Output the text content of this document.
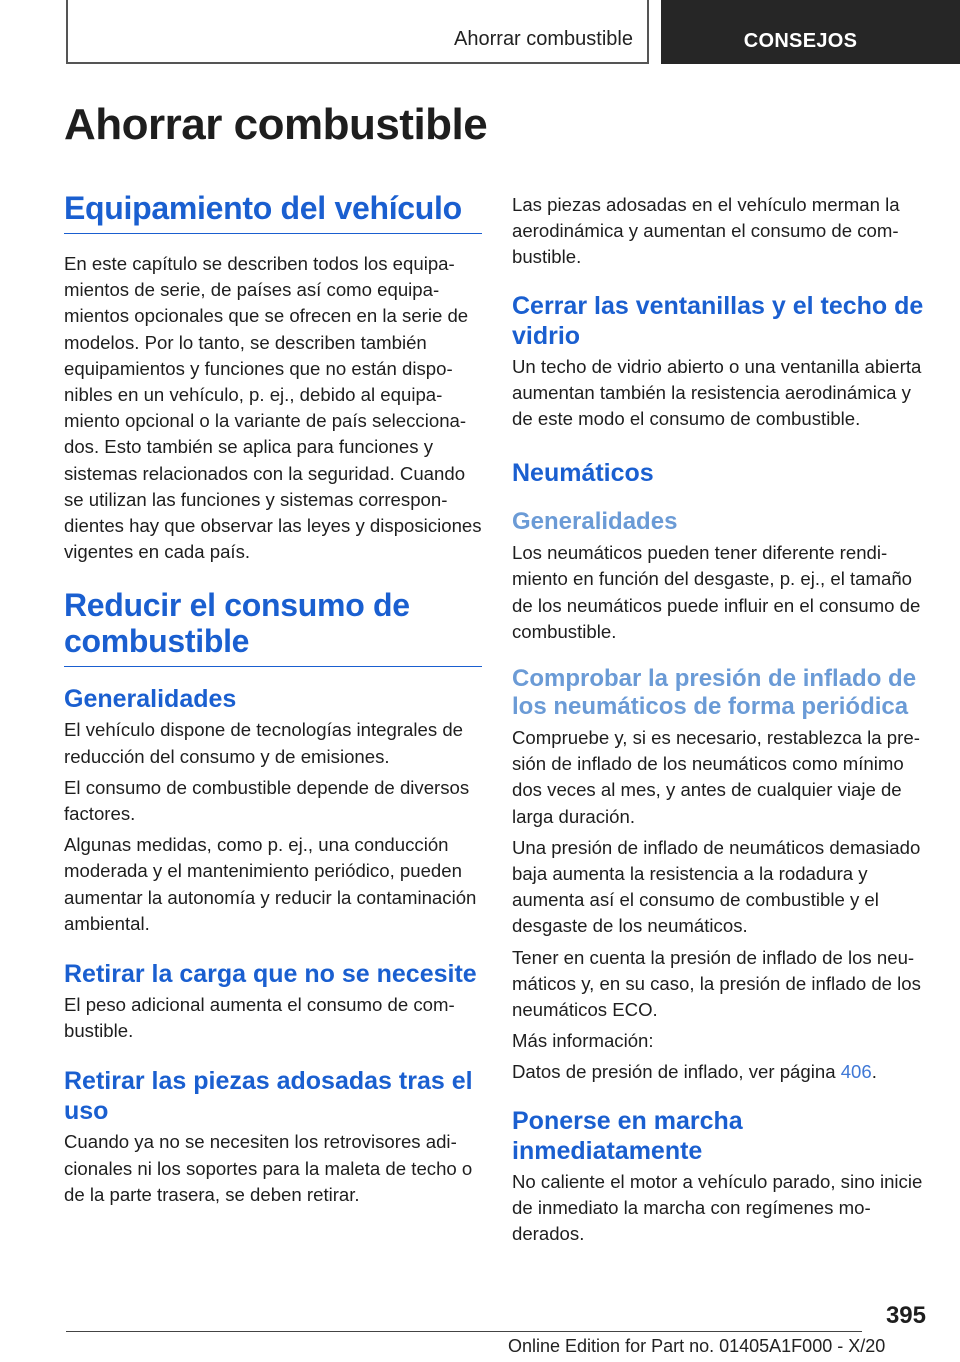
Ahorrar combustible	CONSEJOS
Ahorrar combustible
Equipamiento del vehículo

En este capítulo se describen todos los equipamientos de serie, de países así como equipamientos opcionales que se ofrecen en la serie de modelos. Por lo tanto, se describen también equipamientos y funciones que no están disponibles en un vehículo, p. ej., debido al equipamiento opcional o la variante de país seleccionados. Esto también se aplica para funciones y sistemas relacionados con la seguridad. Cuando se utilizan las funciones y sistemas correspondientes hay que observar las leyes y disposiciones vigentes en cada país.

Reducir el consumo de combustible
Generalidades

El vehículo dispone de tecnologías integrales de reducción del consumo y de emisiones.

El consumo de combustible depende de diversos factores.

Algunas medidas, como p. ej., una conducción moderada y el mantenimiento periódico, pueden aumentar la autonomía y reducir la contaminación ambiental.

Retirar la carga que no se necesite

El peso adicional aumenta el consumo de combustible.

Retirar las piezas adosadas tras el uso

Cuando ya no se necesiten los retrovisores adicionales ni los soportes para la maleta de techo o de la parte trasera, se deben retirar.

Las piezas adosadas en el vehículo merman la aerodinámica y aumentan el consumo de combustible.

Cerrar las ventanillas y el techo de vidrio

Un techo de vidrio abierto o una ventanilla abierta aumentan también la resistencia aerodinámica y de este modo el consumo de combustible.

Neumáticos
Generalidades

Los neumáticos pueden tener diferente rendimiento en función del desgaste, p. ej., el tamaño de los neumáticos puede influir en el consumo de combustible.

Comprobar la presión de inflado de los neumáticos de forma periódica

Compruebe y, si es necesario, restablezca la presión de inflado de los neumáticos como mínimo dos veces al mes, y antes de cualquier viaje de larga duración.

Una presión de inflado de neumáticos demasiado baja aumenta la resistencia a la rodadura y aumenta así el consumo de combustible y el desgaste de los neumáticos.

Tener en cuenta la presión de inflado de los neumáticos y, en su caso, la presión de inflado de los neumáticos ECO.

Más información:

Datos de presión de inflado, ver página 406.

Ponerse en marcha inmediatamente

No caliente el motor a vehículo parado, sino inicie de inmediato la marcha con regímenes moderados.

395
Online Edition for Part no. 01405A1F000 - X/20
